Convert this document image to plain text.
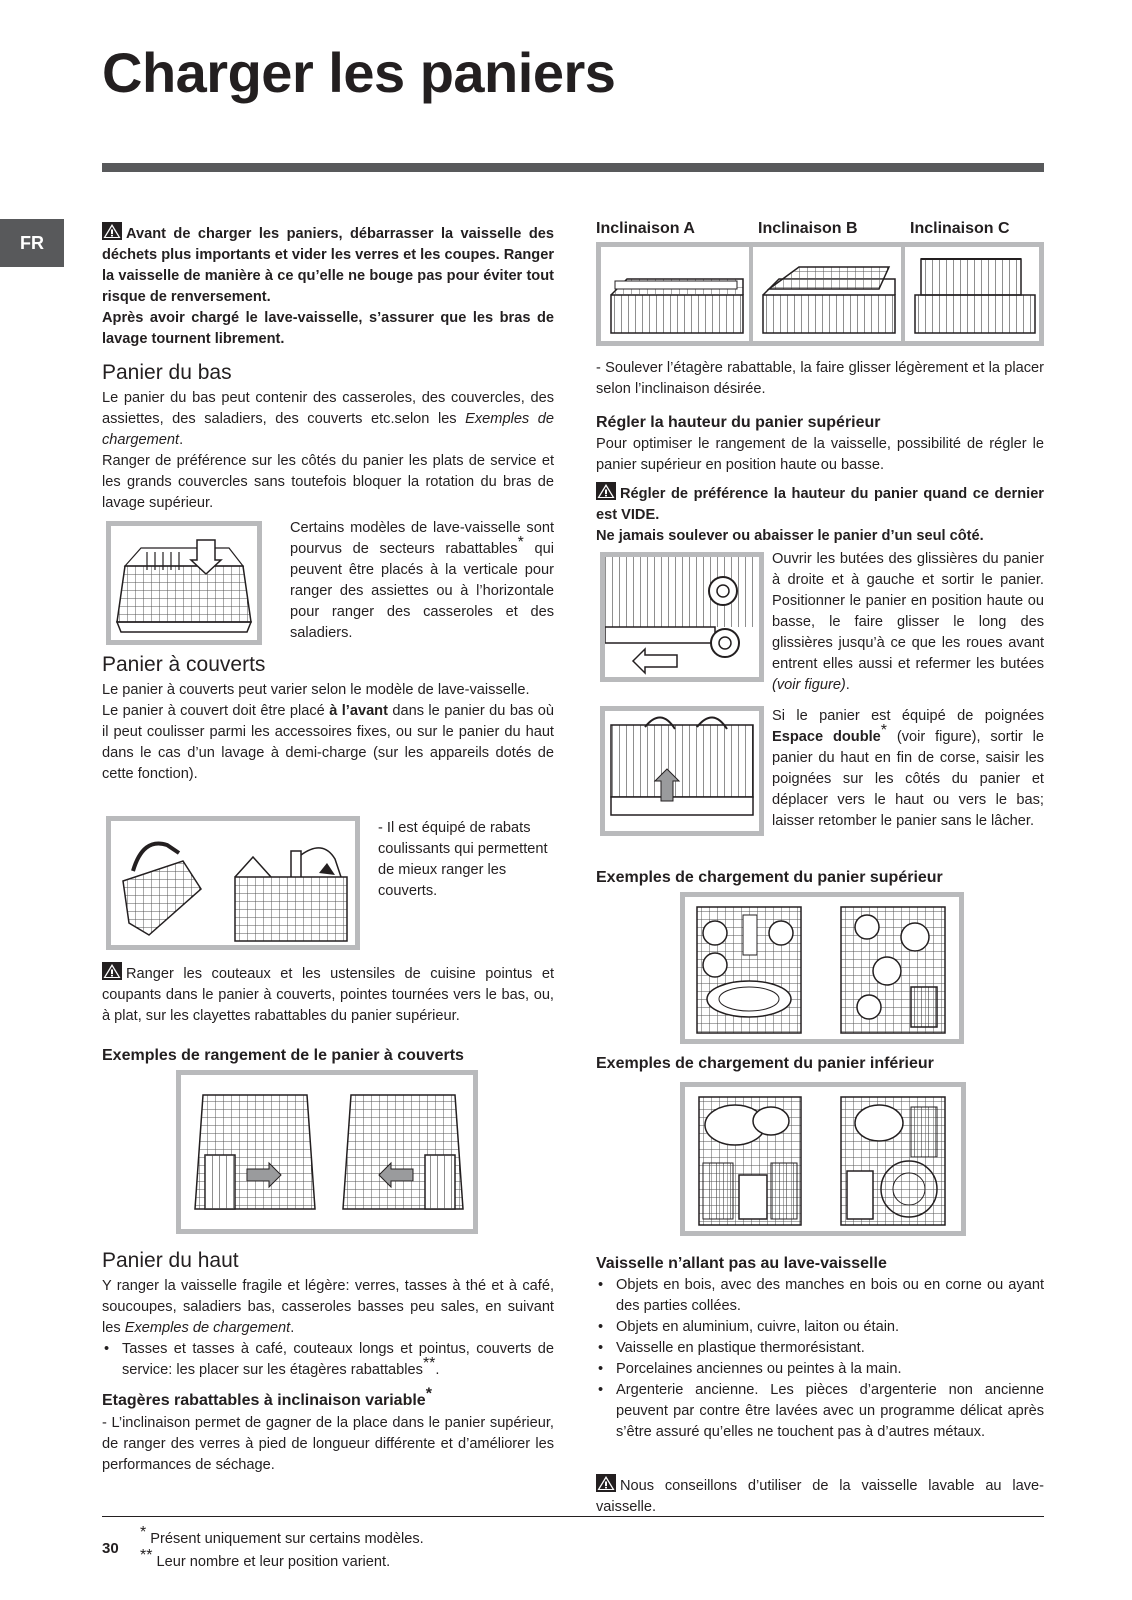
Charger les paniers
FR	Avant de charger les paniers, débarrasser la vaisselle des déchets plus importants et vider les verres et les coupes. Ranger la vaisselle de manière à ce qu’elle ne bouge pas pour éviter tout risque de renversement.
Après avoir chargé le lave-vaisselle, s’assurer que les bras de lavage tournent librement.
Panier du bas
Le panier du bas peut contenir des casseroles, des couvercles, des assiettes, des saladiers, des couverts etc.selon les Exemples de chargement.
Ranger de préférence sur les côtés du panier les plats de service et les grands couvercles sans toutefois bloquer la rotation du bras de lavage supérieur.
Certains modèles de lave-vaisselle sont pourvus de secteurs rabattables* qui peuvent être placés à la verticale pour ranger des assiettes ou à l’horizontale pour ranger des casseroles et des saladiers.
Panier à couverts
Le panier à couverts peut varier selon le modèle de lave-vaisselle.
Le panier à couvert doit être placé à l’avant dans le panier du bas où il peut coulisser parmi les accessoires fixes, ou sur le panier du haut dans le cas d’un lavage à demi-charge (sur les appareils dotés de cette fonction).
- Il est équipé de rabats coulissants qui permettent de mieux ranger les couverts.
Ranger les couteaux et les ustensiles de cuisine pointus et coupants dans le panier à couverts, pointes tournées vers le bas, ou, à plat, sur les clayettes rabattables du panier supérieur.
Exemples de rangement de le panier à couverts
Panier du haut
Y ranger la vaisselle fragile et légère: verres, tasses à thé et à café, soucoupes, saladiers bas, casseroles basses peu sales, en suivant les Exemples de chargement.
• Tasses et tasses à café, couteaux longs et pointus, couverts de service: les placer sur les étagères rabattables**.
Etagères rabattables à inclinaison variable*
- L’inclinaison permet de gagner de la place dans le panier supérieur, de ranger des verres à pied de longueur différente et d’améliorer les performances de séchage.
Inclinaison A	Inclinaison B	Inclinaison C
- Soulever l’étagère rabattable, la faire glisser légèrement et la placer selon l’inclinaison désirée.
Régler la hauteur du panier supérieur
Pour optimiser le rangement de la vaisselle, possibilité de régler le panier supérieur en position haute ou basse.
Régler de préférence la hauteur du panier quand ce dernier est VIDE.
Ne jamais soulever ou abaisser le panier d’un seul côté.
Ouvrir les butées des glissières du panier à droite et à gauche et sortir le panier. Positionner le panier en position haute ou basse, le faire glisser le long des glissières jusqu’à ce que les roues avant entrent elles aussi et refermer les butées (voir figure).
Si le panier est équipé de poignées Espace double* (voir figure), sortir le panier du haut en fin de corse, saisir les poignées sur les côtés du panier et déplacer vers le haut ou vers le bas; laisser retomber le panier sans le lâcher.
Exemples de chargement du panier supérieur
Exemples de chargement du panier inférieur
Vaisselle n’allant pas au lave-vaisselle
• Objets en bois, avec des manches en bois ou en corne ou ayant des parties collées.
• Objets en aluminium, cuivre, laiton ou étain.
• Vaisselle en plastique thermorésistant.
• Porcelaines anciennes ou peintes à la main.
• Argenterie ancienne. Les pièces d’argenterie non ancienne peuvent par contre être lavées avec un programme délicat après s’être assuré qu’elles ne touchent pas à d’autres métaux.
Nous conseillons d’utiliser de la vaisselle lavable au lave-vaisselle.
30
* Présent uniquement sur certains modèles.
** Leur nombre et leur position varient.
